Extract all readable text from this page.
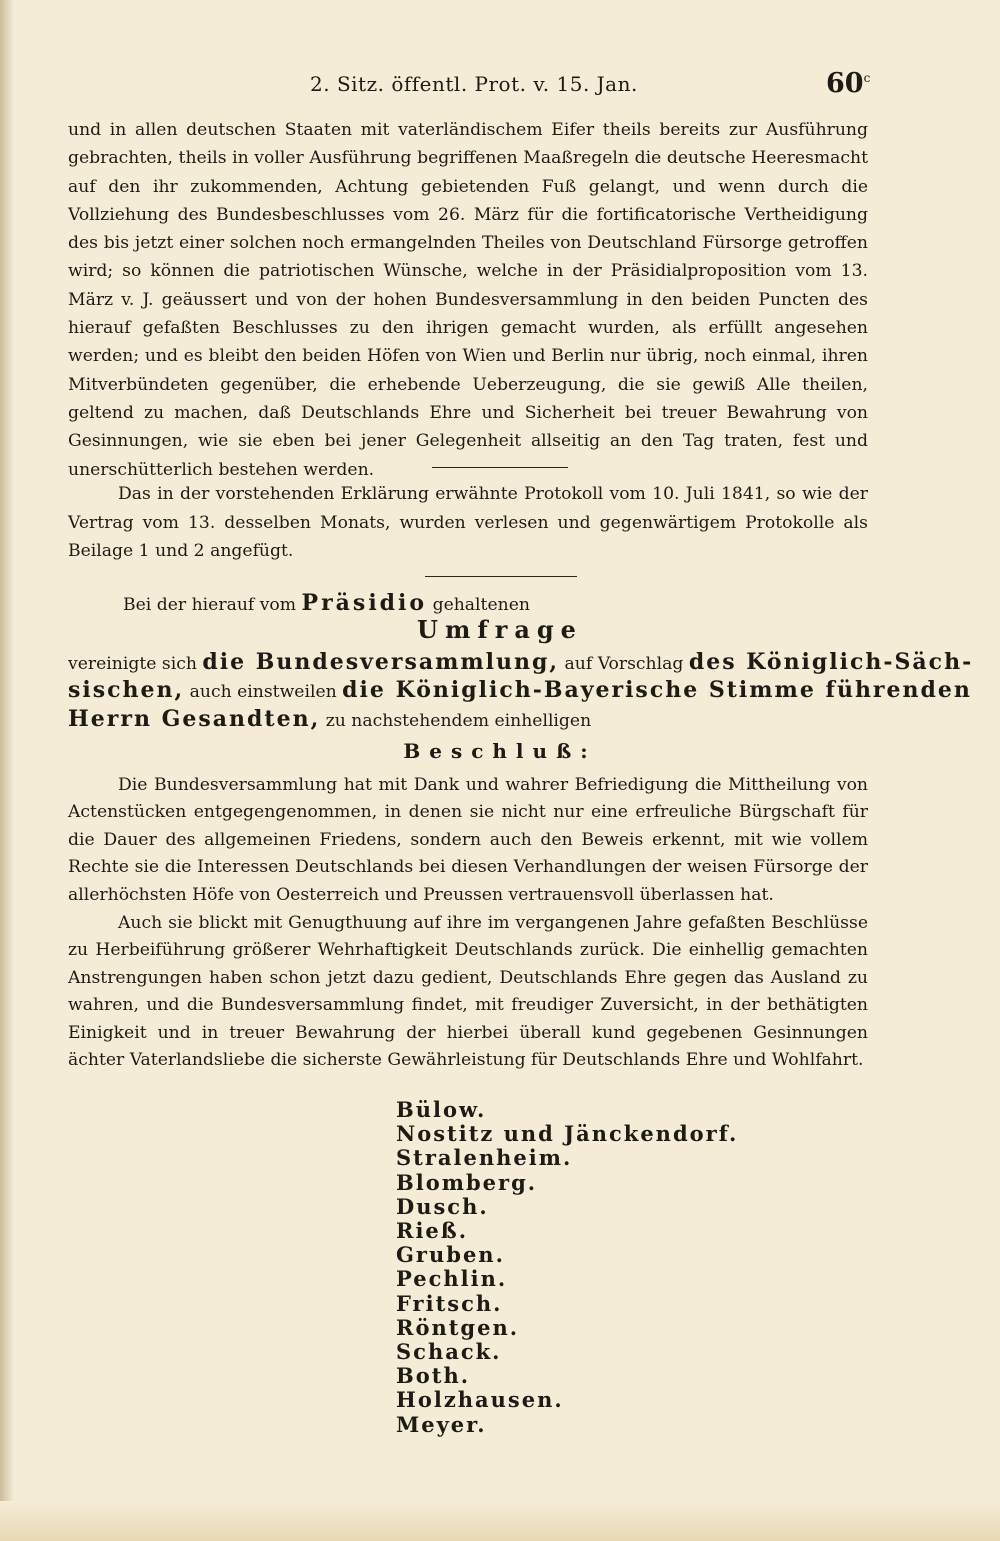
2. Sitz. öffentl. Prot. v. 15. Jan.	60$^c$

und in allen deutschen Staaten mit vaterländischem Eifer theils bereits zur Ausführung gebrachten, theils in voller Ausführung begriffenen Maaßregeln die deutsche Heeresmacht auf den ihr zukommenden, Achtung gebietenden Fuß gelangt, und wenn durch die Vollziehung des Bundesbeschlusses vom 26. März für die fortificatorische Vertheidigung des bis jetzt einer solchen noch ermangelnden Theiles von Deutschland Fürsorge getroffen wird; so können die patriotischen Wünsche, welche in der Präsidialproposition vom 13. März v. J. geäussert und von der hohen Bundesversammlung in den beiden Puncten des hierauf gefaßten Beschlusses zu den ihrigen gemacht wurden, als erfüllt angesehen werden; und es bleibt den beiden Höfen von Wien und Berlin nur übrig, noch einmal, ihren Mitverbündeten gegenüber, die erhebende Ueberzeugung, die sie gewiß Alle theilen, geltend zu machen, daß Deutschlands Ehre und Sicherheit bei treuer Bewahrung von Gesinnungen, wie sie eben bei jener Gelegenheit allseitig an den Tag traten, fest und unerschütterlich bestehen werden.

Das in der vorstehenden Erklärung erwähnte Protokoll vom 10. Juli 1841, so wie der Vertrag vom 13. desselben Monats, wurden verlesen und gegenwärtigem Protokolle als Beilage 1 und 2 angefügt.

Bei der hierauf vom Präsidio gehaltenen
Umfrage
vereinigte sich die Bundesversammlung, auf Vorschlag des Königlich-Säch-
sischen, auch einstweilen die Königlich-Bayerische Stimme führenden
Herrn Gesandten, zu nachstehendem einhelligen
Beschluß:

Die Bundesversammlung hat mit Dank und wahrer Befriedigung die Mittheilung von Actenstücken entgegengenommen, in denen sie nicht nur eine erfreuliche Bürgschaft für die Dauer des allgemeinen Friedens, sondern auch den Beweis erkennt, mit wie vollem Rechte sie die Interessen Deutschlands bei diesen Verhandlungen der weisen Fürsorge der allerhöchsten Höfe von Oesterreich und Preussen vertrauensvoll überlassen hat.

Auch sie blickt mit Genugthuung auf ihre im vergangenen Jahre gefaßten Beschlüsse zu Herbeiführung größerer Wehrhaftigkeit Deutschlands zurück. Die einhellig gemachten Anstrengungen haben schon jetzt dazu gedient, Deutschlands Ehre gegen das Ausland zu wahren, und die Bundesversammlung findet, mit freudiger Zuversicht, in der bethätigten Einigkeit und in treuer Bewahrung der hierbei überall kund gegebenen Gesinnungen ächter Vaterlandsliebe die sicherste Gewährleistung für Deutschlands Ehre und Wohlfahrt.

Bülow.
Nostitz und Jänckendorf.
Stralenheim.
Blomberg.
Dusch.
Rieß.
Gruben.
Pechlin.
Fritsch.
Röntgen.
Schack.
Both.
Holzhausen.
Meyer.
